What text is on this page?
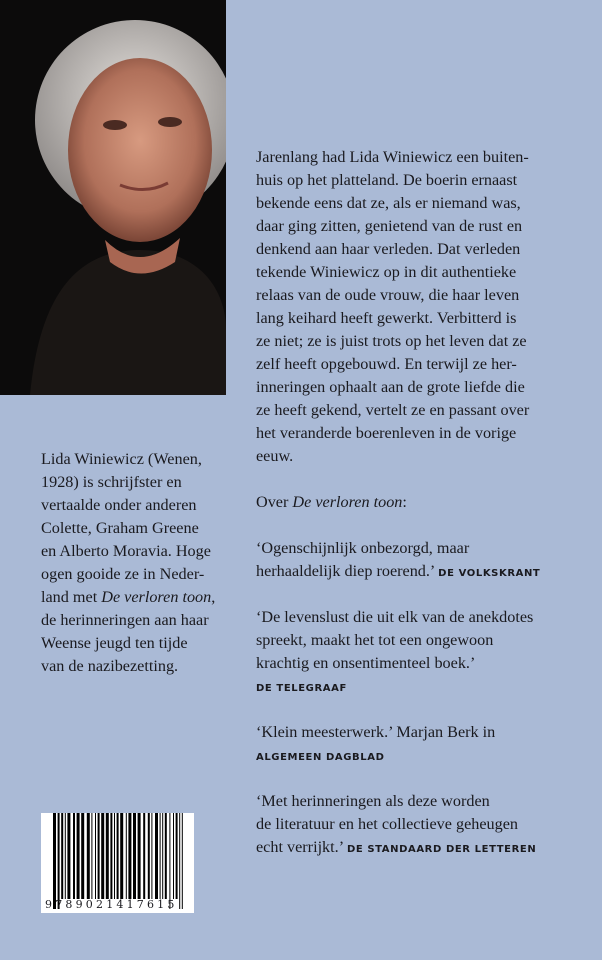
Jarenlang had Lida Winiewicz een buiten-
huis op het platteland. De boerin ernaast
bekende eens dat ze, als er niemand was,
daar ging zitten, genietend van de rust en
denkend aan haar verleden. Dat verleden
tekende Winiewicz op in dit authentieke
relaas van de oude vrouw, die haar leven
lang keihard heeft gewerkt. Verbitterd is
ze niet; ze is juist trots op het leven dat ze
zelf heeft opgebouwd. En terwijl ze her-
inneringen ophaalt aan de grote liefde die
ze heeft gekend, vertelt ze en passant over
het veranderde boerenleven in de vorige
eeuw.
Over De verloren toon:
‘Ogenschijnlijk onbezorgd, maar
herhaaldelijk diep roerend.’ DE VOLKSKRANT
‘De levenslust die uit elk van de anekdotes
spreekt, maakt het tot een ongewoon
krachtig en onsentimenteel boek.’
DE TELEGRAAF
‘Klein meesterwerk.’ Marjan Berk in
ALGEMEEN DAGBLAD
‘Met herinneringen als deze worden
de literatuur en het collectieve geheugen
echt verrijkt.’ DE STANDAARD DER LETTEREN
Lida Winiewicz (Wenen,
1928) is schrijfster en
vertaalde onder anderen
Colette, Graham Greene
en Alberto Moravia. Hoge
ogen gooide ze in Neder-
land met De verloren toon,
de herinneringen aan haar
Weense jeugd ten tijde
van de nazibezetting.
9789021417615
